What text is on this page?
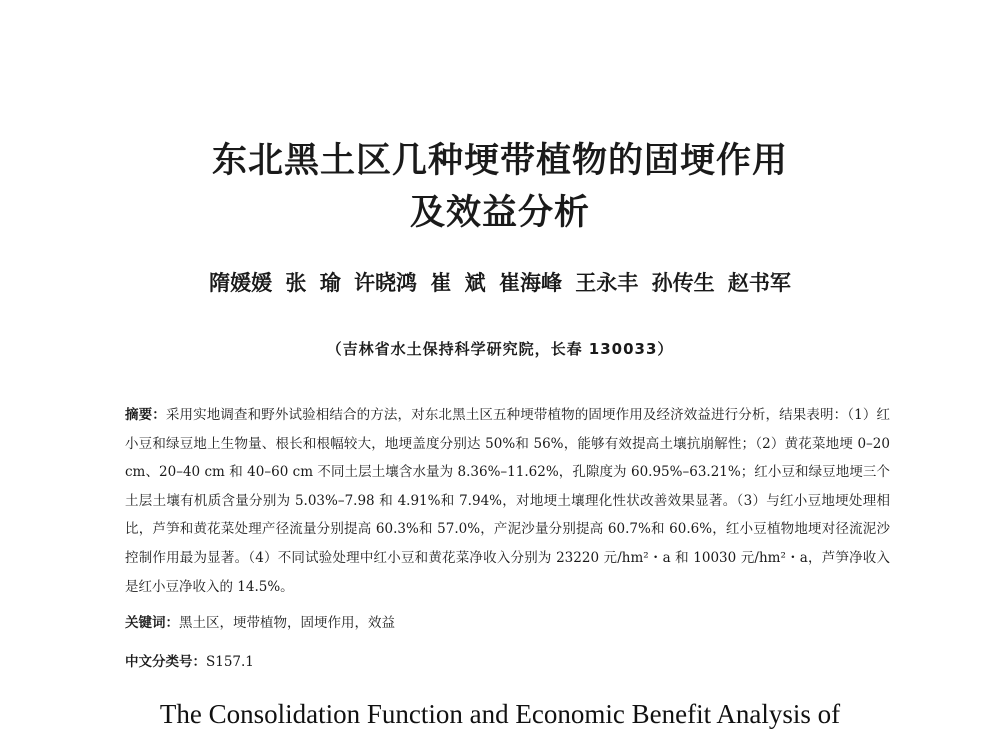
东北黑土区几种埂带植物的固埂作用
及效益分析
隋媛媛 张 瑜 许晓鸿 崔 斌 崔海峰 王永丰 孙传生 赵书军
（吉林省水土保持科学研究院，长春 130033）

摘要：采用实地调查和野外试验相结合的方法，对东北黑土区五种埂带植物的固埂作用及经济效益进行分析，结果表明：（1）红小豆和绿豆地上生物量、根长和根幅较大，地埂盖度分别达 50%和 56%，能够有效提高土壤抗崩解性；（2）黄花菜地埂 0–20 cm、20–40 cm 和 40–60 cm 不同土层土壤含水量为 8.36%–11.62%，孔隙度为 60.95%–63.21%；红小豆和绿豆地埂三个土层土壤有机质含量分别为 5.03%–7.98 和 4.91%和 7.94%，对地埂土壤理化性状改善效果显著。（3）与红小豆地埂处理相比，芦笋和黄花菜处理产径流量分别提高 60.3%和 57.0%，产泥沙量分别提高 60.7%和 60.6%，红小豆植物地埂对径流泥沙控制作用最为显著。（4）不同试验处理中红小豆和黄花菜净收入分别为 23220 元/hm²・a 和 10030 元/hm²・a，芦笋净收入是红小豆净收入的 14.5%。

关键词：黑土区，埂带植物，固埂作用，效益

中文分类号：S157.1

The Consolidation Function and Economic Benefit Analysis of
